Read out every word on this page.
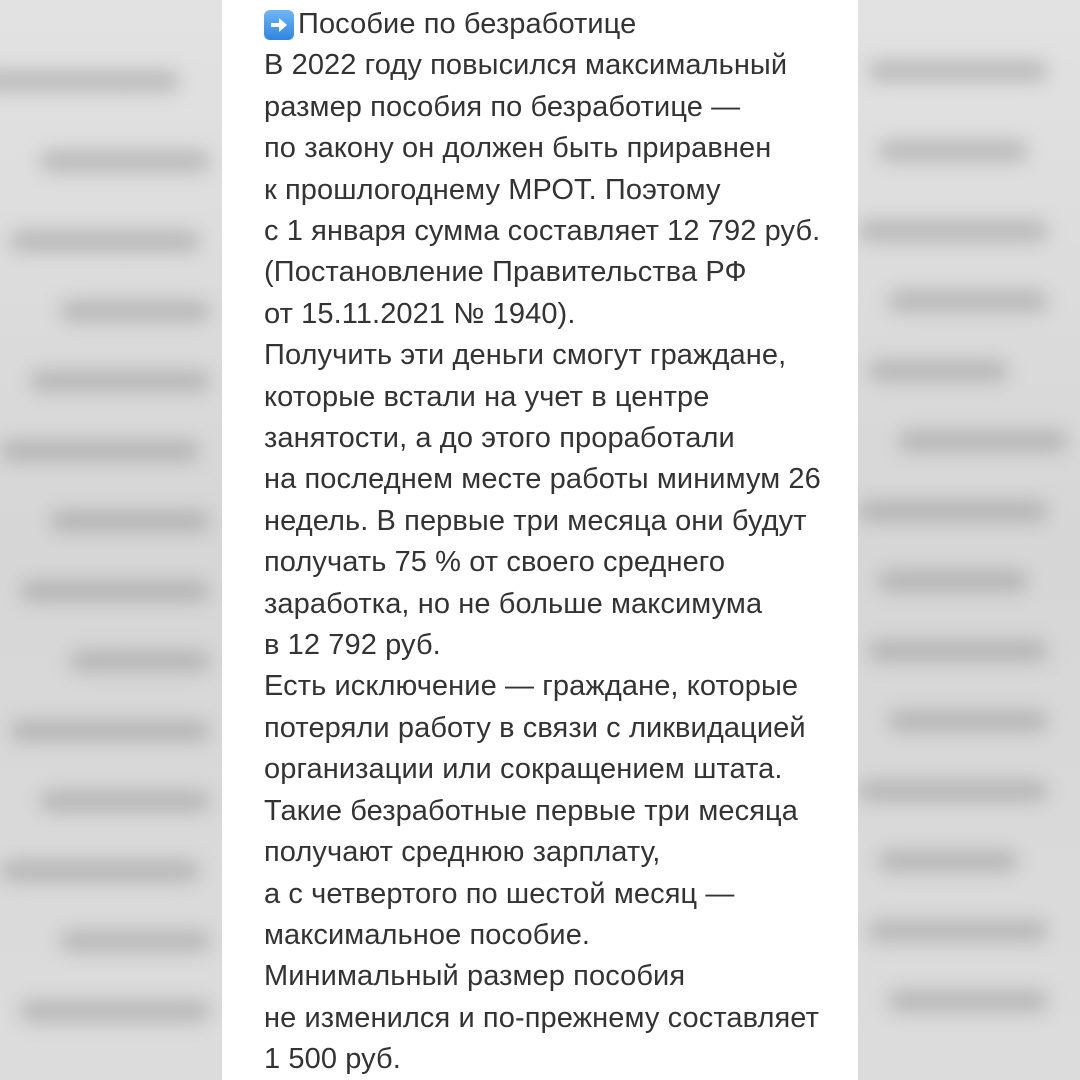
Пособие по безработице
В 2022 году повысился максимальный
размер пособия по безработице —
по закону он должен быть приравнен
к прошлогоднему МРОТ. Поэтому
с 1 января сумма составляет 12 792 руб.
(Постановление Правительства РФ
от 15.11.2021 № 1940).
Получить эти деньги смогут граждане,
которые встали на учет в центре
занятости, а до этого проработали
на последнем месте работы минимум 26
недель. В первые три месяца они будут
получать 75 % от своего среднего
заработка, но не больше максимума
в 12 792 руб.
Есть исключение — граждане, которые
потеряли работу в связи с ликвидацией
организации или сокращением штата.
Такие безработные первые три месяца
получают среднюю зарплату,
а с четвертого по шестой месяц —
максимальное пособие.
Минимальный размер пособия
не изменился и по-прежнему составляет
1 500 руб.
